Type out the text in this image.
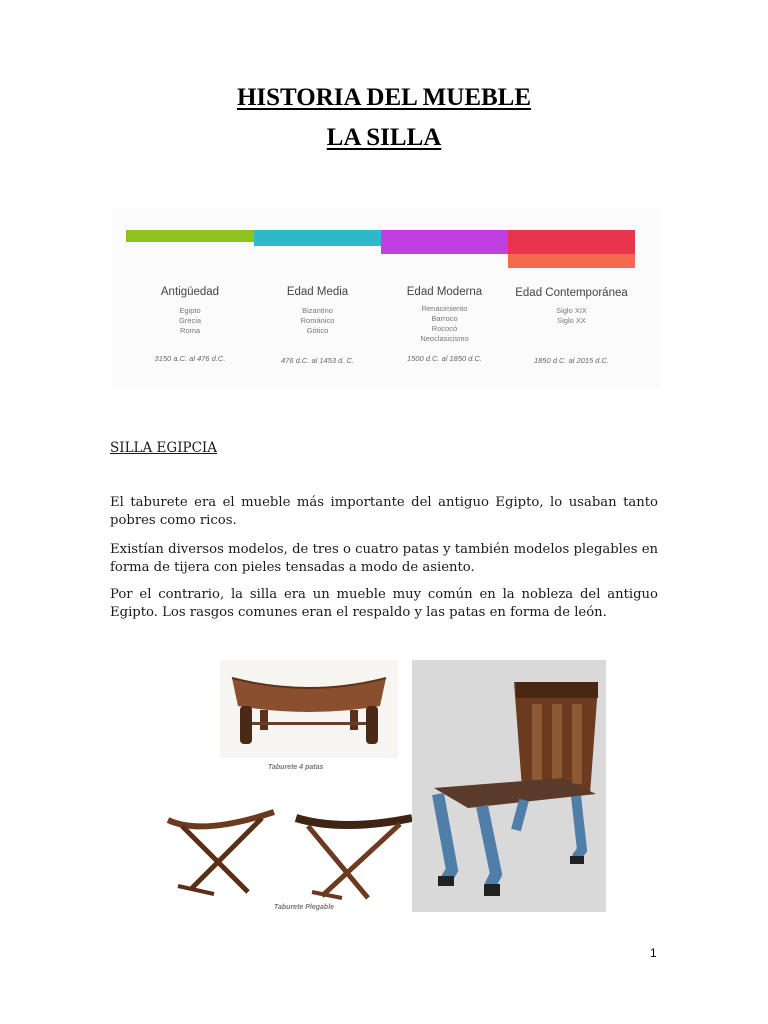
HISTORIA DEL MUEBLE
LA SILLA
Antigüedad
Egipto
Grecia
Roma
3150 a.C. al 476 d.C.
Edad Media
Bizantino
Románico
Gótico
476 d.C. al 1453 d. C.
Edad Moderna
Renacimiento
Barroco
Rococó
Neoclasicismo
1500 d.C. al 1850 d.C.
Edad Contemporánea
Siglo XIX
Siglo XX
1850 d.C. al 2015 d.C.
SILLA EGIPCIA

El taburete era el mueble más importante del antiguo Egipto, lo usaban tanto pobres como ricos.

Existían diversos modelos, de tres o cuatro patas y también modelos plegables en forma de tijera con pieles tensadas a modo de asiento.

Por el contrario, la silla era un mueble muy común en la nobleza del antiguo Egipto. Los rasgos comunes eran el respaldo y las patas en forma de león.

Taburete 4 patas
Taburete Plegable
1
